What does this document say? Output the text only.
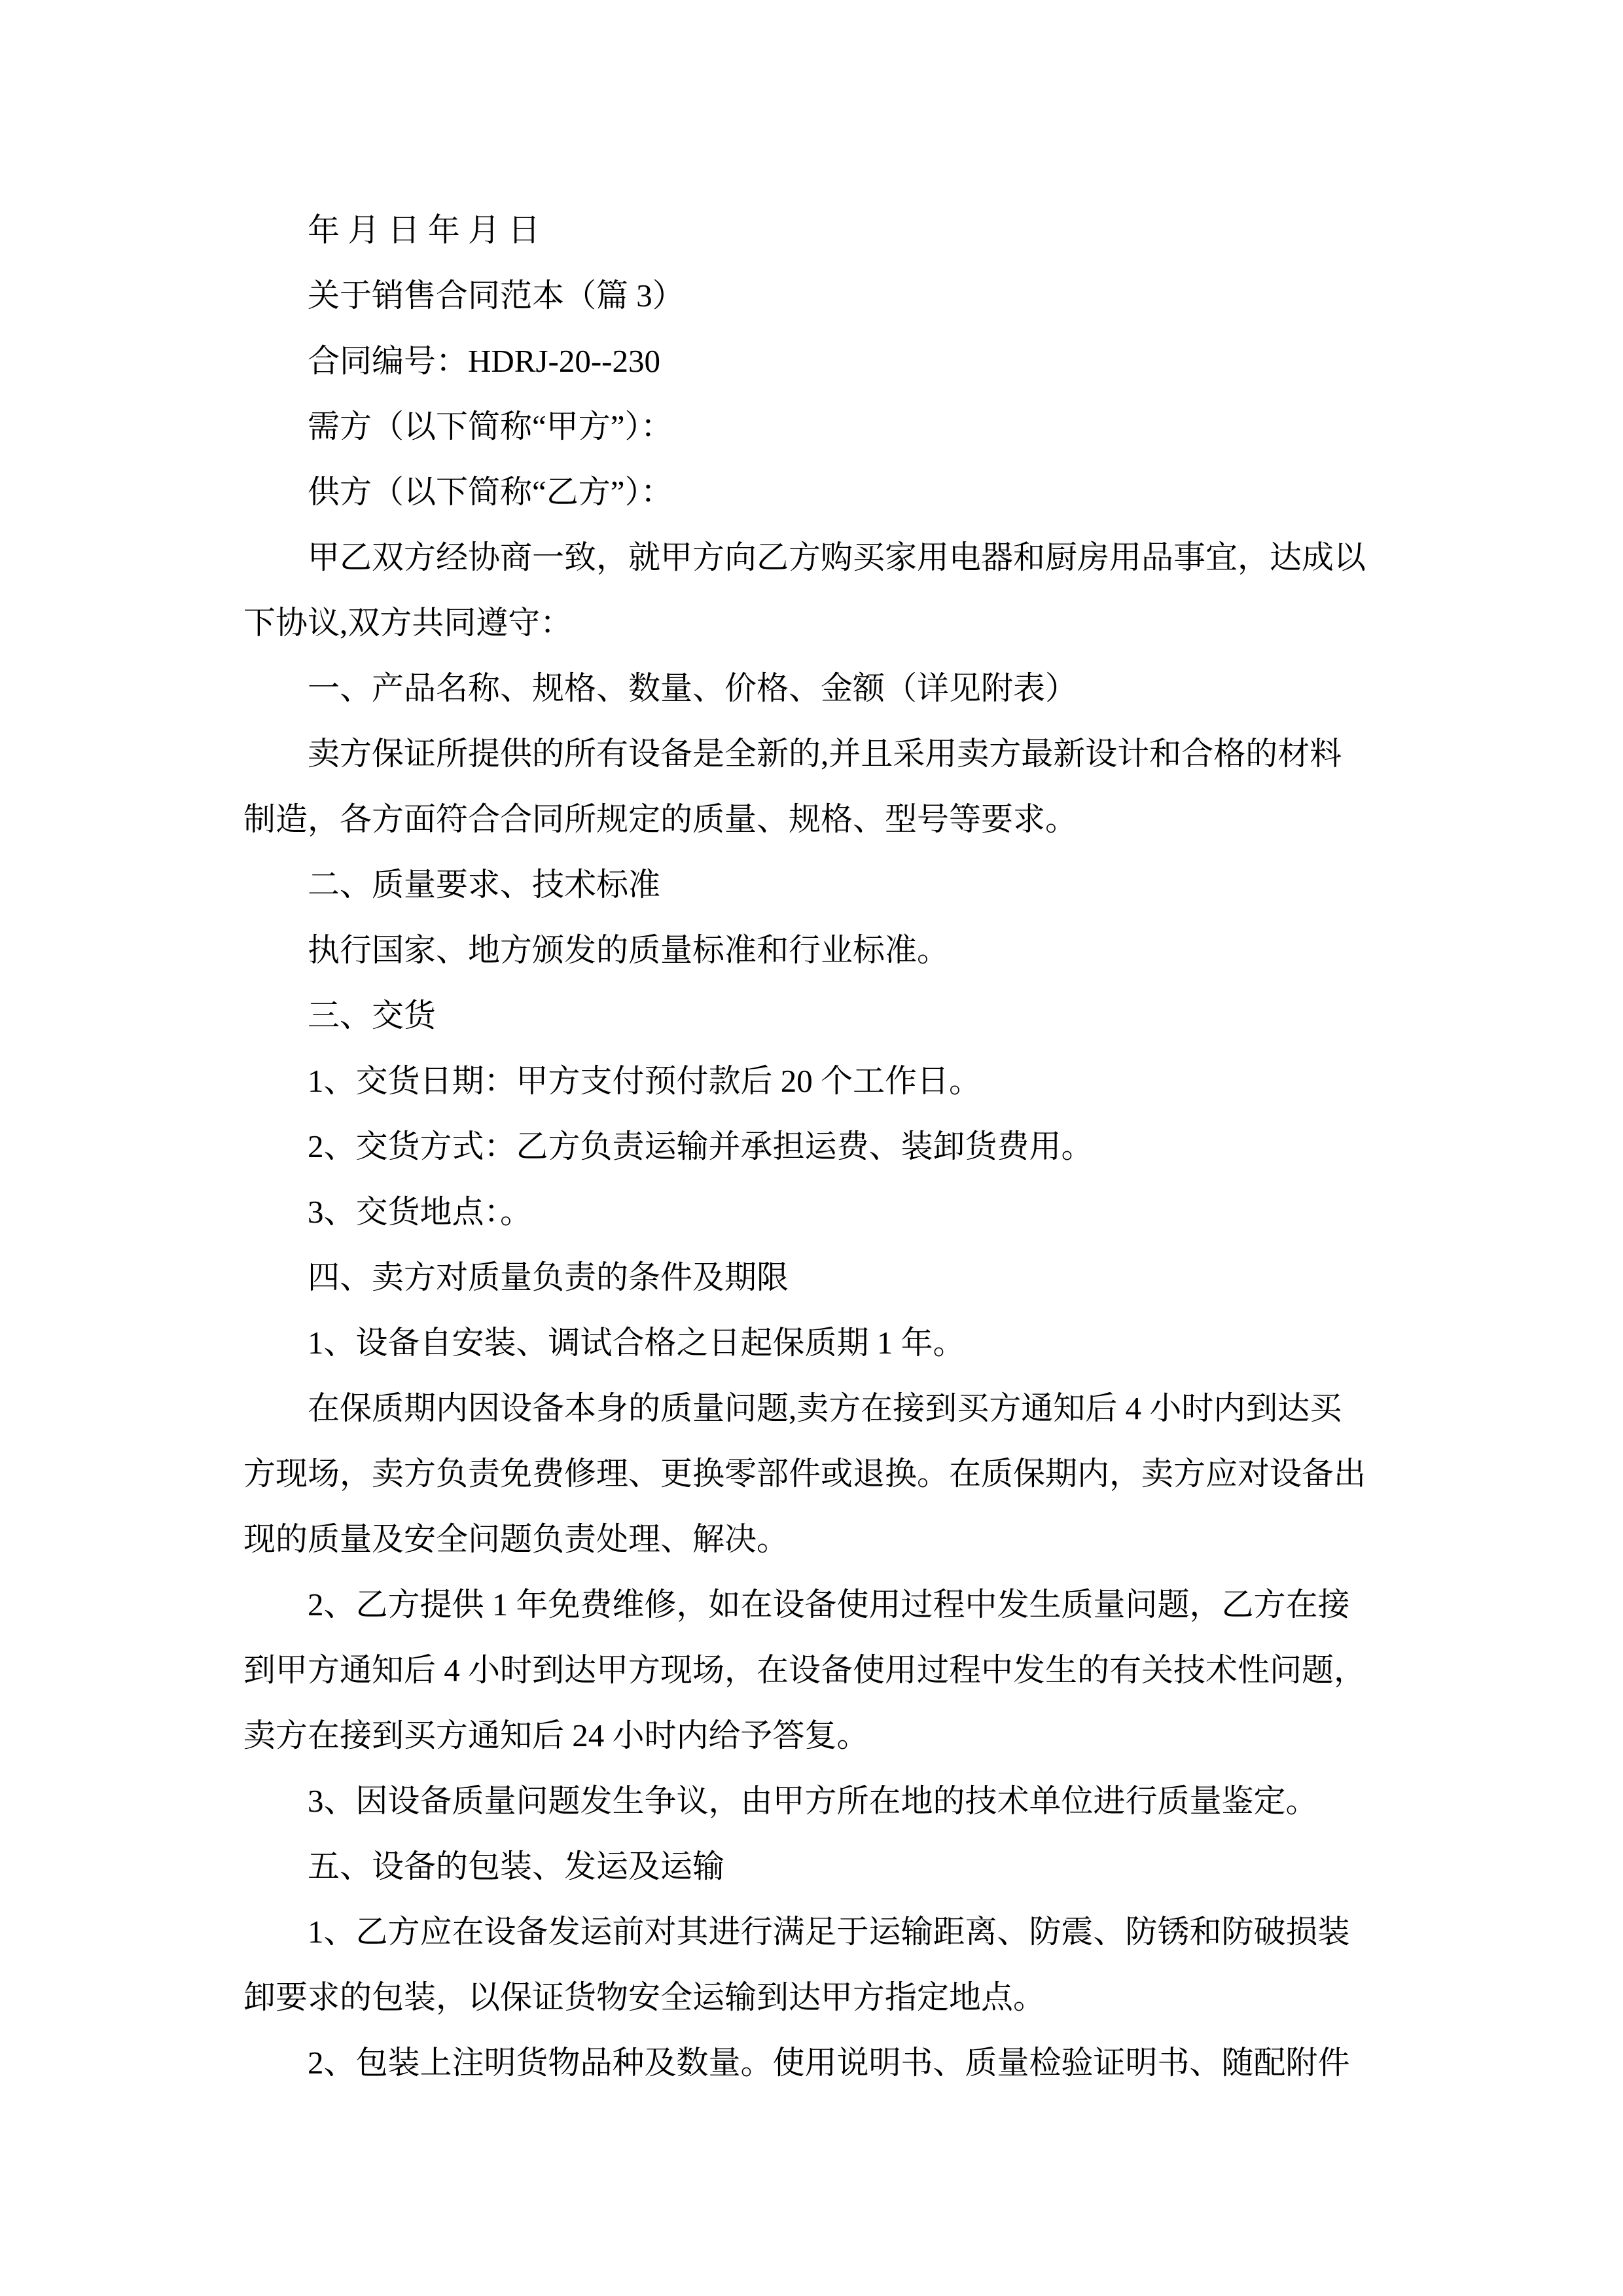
年 月 日 年 月 日
关于销售合同范本（篇 3）
合同编号：HDRJ-20--230
需方（以下简称“甲方”）：
供方（以下简称“乙方”）：
甲乙双方经协商一致，就甲方向乙方购买家用电器和厨房用品事宜，达成以
下协议,双方共同遵守：
一、产品名称、规格、数量、价格、金额（详见附表）
卖方保证所提供的所有设备是全新的,并且采用卖方最新设计和合格的材料
制造，各方面符合合同所规定的质量、规格、型号等要求。
二、质量要求、技术标准
执行国家、地方颁发的质量标准和行业标准。
三、交货
1、交货日期：甲方支付预付款后 20 个工作日。
2、交货方式：乙方负责运输并承担运费、装卸货费用。
3、交货地点：。
四、卖方对质量负责的条件及期限
1、设备自安装、调试合格之日起保质期 1 年。
在保质期内因设备本身的质量问题,卖方在接到买方通知后 4 小时内到达买
方现场，卖方负责免费修理、更换零部件或退换。在质保期内，卖方应对设备出
现的质量及安全问题负责处理、解决。
2、乙方提供 1 年免费维修，如在设备使用过程中发生质量问题，乙方在接
到甲方通知后 4 小时到达甲方现场，在设备使用过程中发生的有关技术性问题，
卖方在接到买方通知后 24 小时内给予答复。
3、因设备质量问题发生争议，由甲方所在地的技术单位进行质量鉴定。
五、设备的包装、发运及运输
1、乙方应在设备发运前对其进行满足于运输距离、防震、防锈和防破损装
卸要求的包装，以保证货物安全运输到达甲方指定地点。
2、包装上注明货物品种及数量。使用说明书、质量检验证明书、随配附件
